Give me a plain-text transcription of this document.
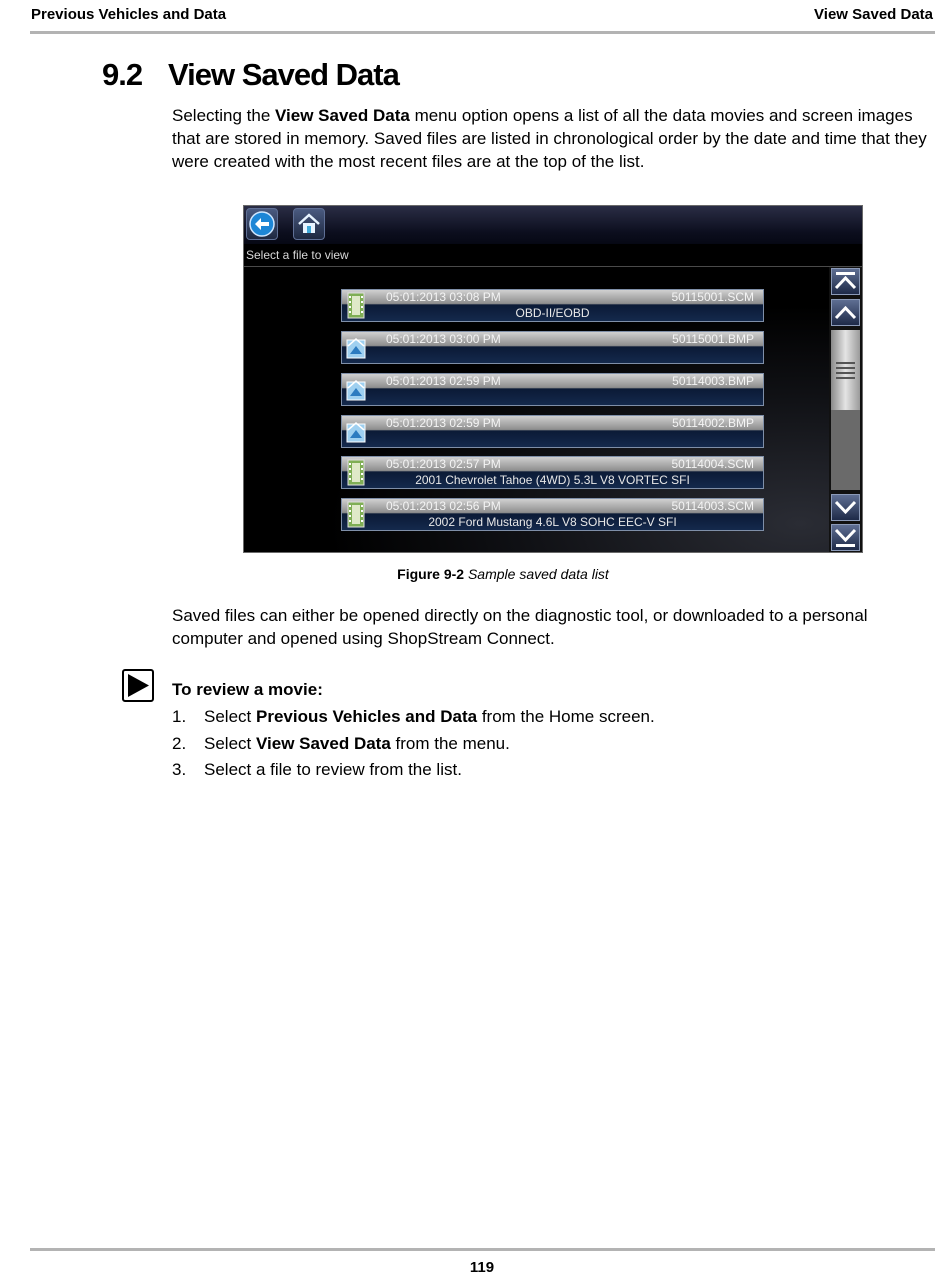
Previous Vehicles and Data	View Saved Data
9.2 View Saved Data

Selecting the View Saved Data menu option opens a list of all the data movies and screen images that are stored in memory. Saved files are listed in chronological order by the date and time that they were created with the most recent files are at the top of the list.

Select a file to view
05:01:2013 03:08 PM	50115001.SCM
OBD-II/EOBD
05:01:2013 03:00 PM	50115001.BMP
05:01:2013 02:59 PM	50114003.BMP
05:01:2013 02:59 PM	50114002.BMP
05:01:2013 02:57 PM	50114004.SCM
2001 Chevrolet Tahoe (4WD) 5.3L V8 VORTEC SFI
05:01:2013 02:56 PM	50114003.SCM
2002 Ford Mustang 4.6L V8 SOHC EEC-V SFI
Figure 9-2 Sample saved data list

Saved files can either be opened directly on the diagnostic tool, or downloaded to a personal computer and opened using ShopStream Connect.

To review a movie:
1. Select Previous Vehicles and Data from the Home screen.
2. Select View Saved Data from the menu.
3. Select a file to review from the list.
119
